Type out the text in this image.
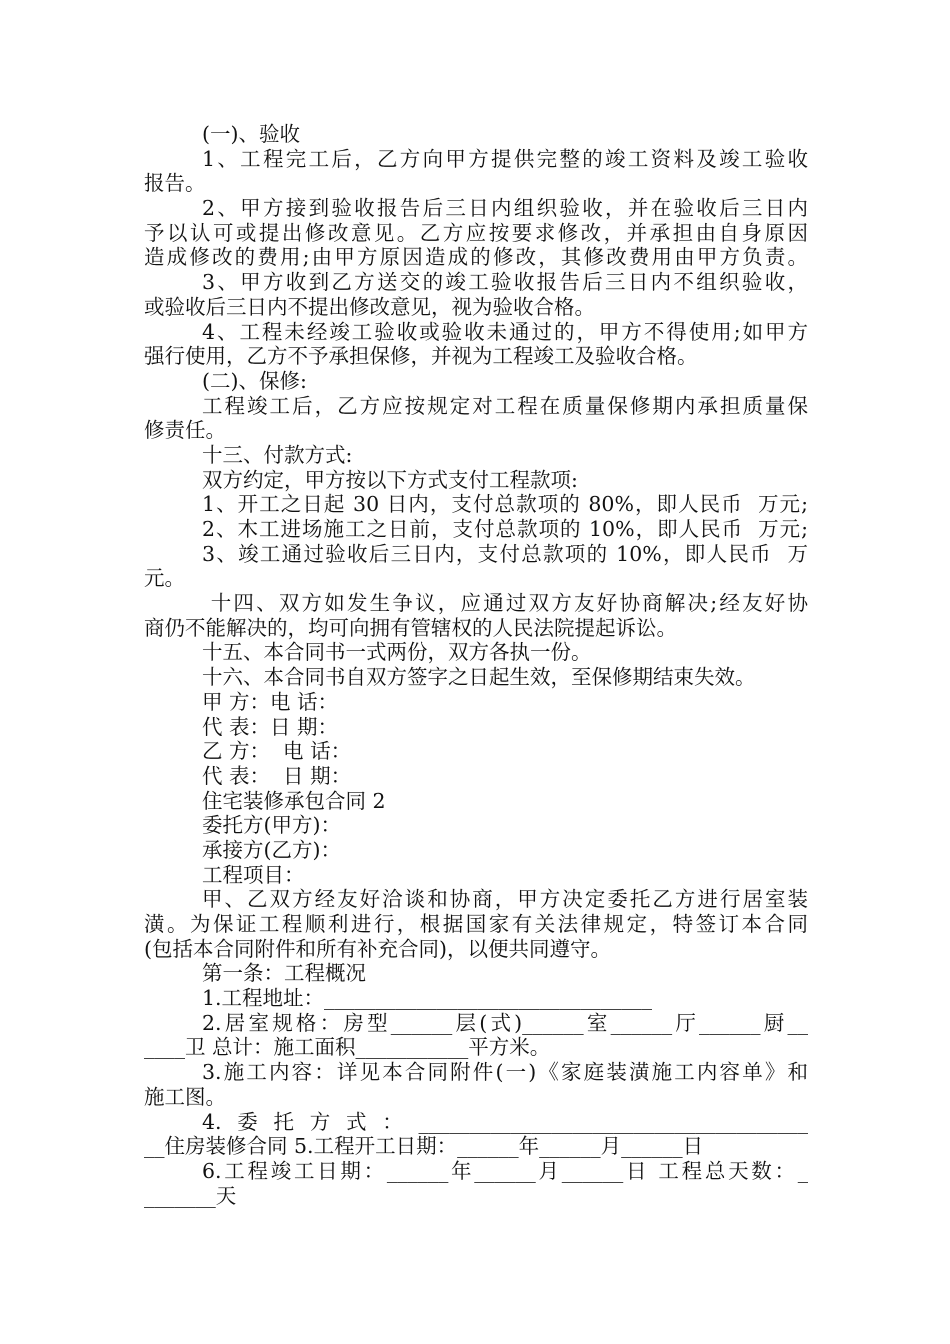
(一)、验收
1、工程完工后，乙方向甲方提供完整的竣工资料及竣工验收
报告。
2、甲方接到验收报告后三日内组织验收，并在验收后三日内
予以认可或提出修改意见。乙方应按要求修改，并承担由自身原因
造成修改的费用;由甲方原因造成的修改，其修改费用由甲方负责。
3、甲方收到乙方送交的竣工验收报告后三日内不组织验收，
或验收后三日内不提出修改意见，视为验收合格。
4、工程未经竣工验收或验收未通过的，甲方不得使用;如甲方
强行使用，乙方不予承担保修，并视为工程竣工及验收合格。
(二)、保修:
工程竣工后，乙方应按规定对工程在质量保修期内承担质量保
修责任。
十三、付款方式:
双方约定，甲方按以下方式支付工程款项:
1、开工之日起 30 日内，支付总款项的 80%，即人民币  万元;
2、木工进场施工之日前，支付总款项的 10%，即人民币  万元;
3、竣工通过验收后三日内，支付总款项的 10%，即人民币  万
元。
十四、双方如发生争议，应通过双方友好协商解决;经友好协
商仍不能解决的，均可向拥有管辖权的人民法院提起诉讼。
十五、本合同书一式两份，双方各执一份。
十六、本合同书自双方签字之日起生效，至保修期结束失效。
甲 方：电 话：
代 表：日 期：
乙 方：  电 话：
代 表：  日 期：
住宅装修承包合同 2
委托方(甲方)：
承接方(乙方)：
工程项目：
甲、乙双方经友好洽谈和协商，甲方决定委托乙方进行居室装
潢。为保证工程顺利进行，根据国家有关法律规定，特签订本合同
(包括本合同附件和所有补充合同)，以便共同遵守。
第一条：工程概况
1.工程地址：________________________________
2.居室规格：房型______层(式)______室______厅______厨__
____卫 总计：施工面积___________平方米。
3.施工内容：详见本合同附件(一)《家庭装潢施工内容单》和
施工图。
4.委托方式：______________________________________
__住房装修合同 5.工程开工日期：______年______月______日
6.工程竣工日期：______年______月______日 工程总天数：_
_______天
